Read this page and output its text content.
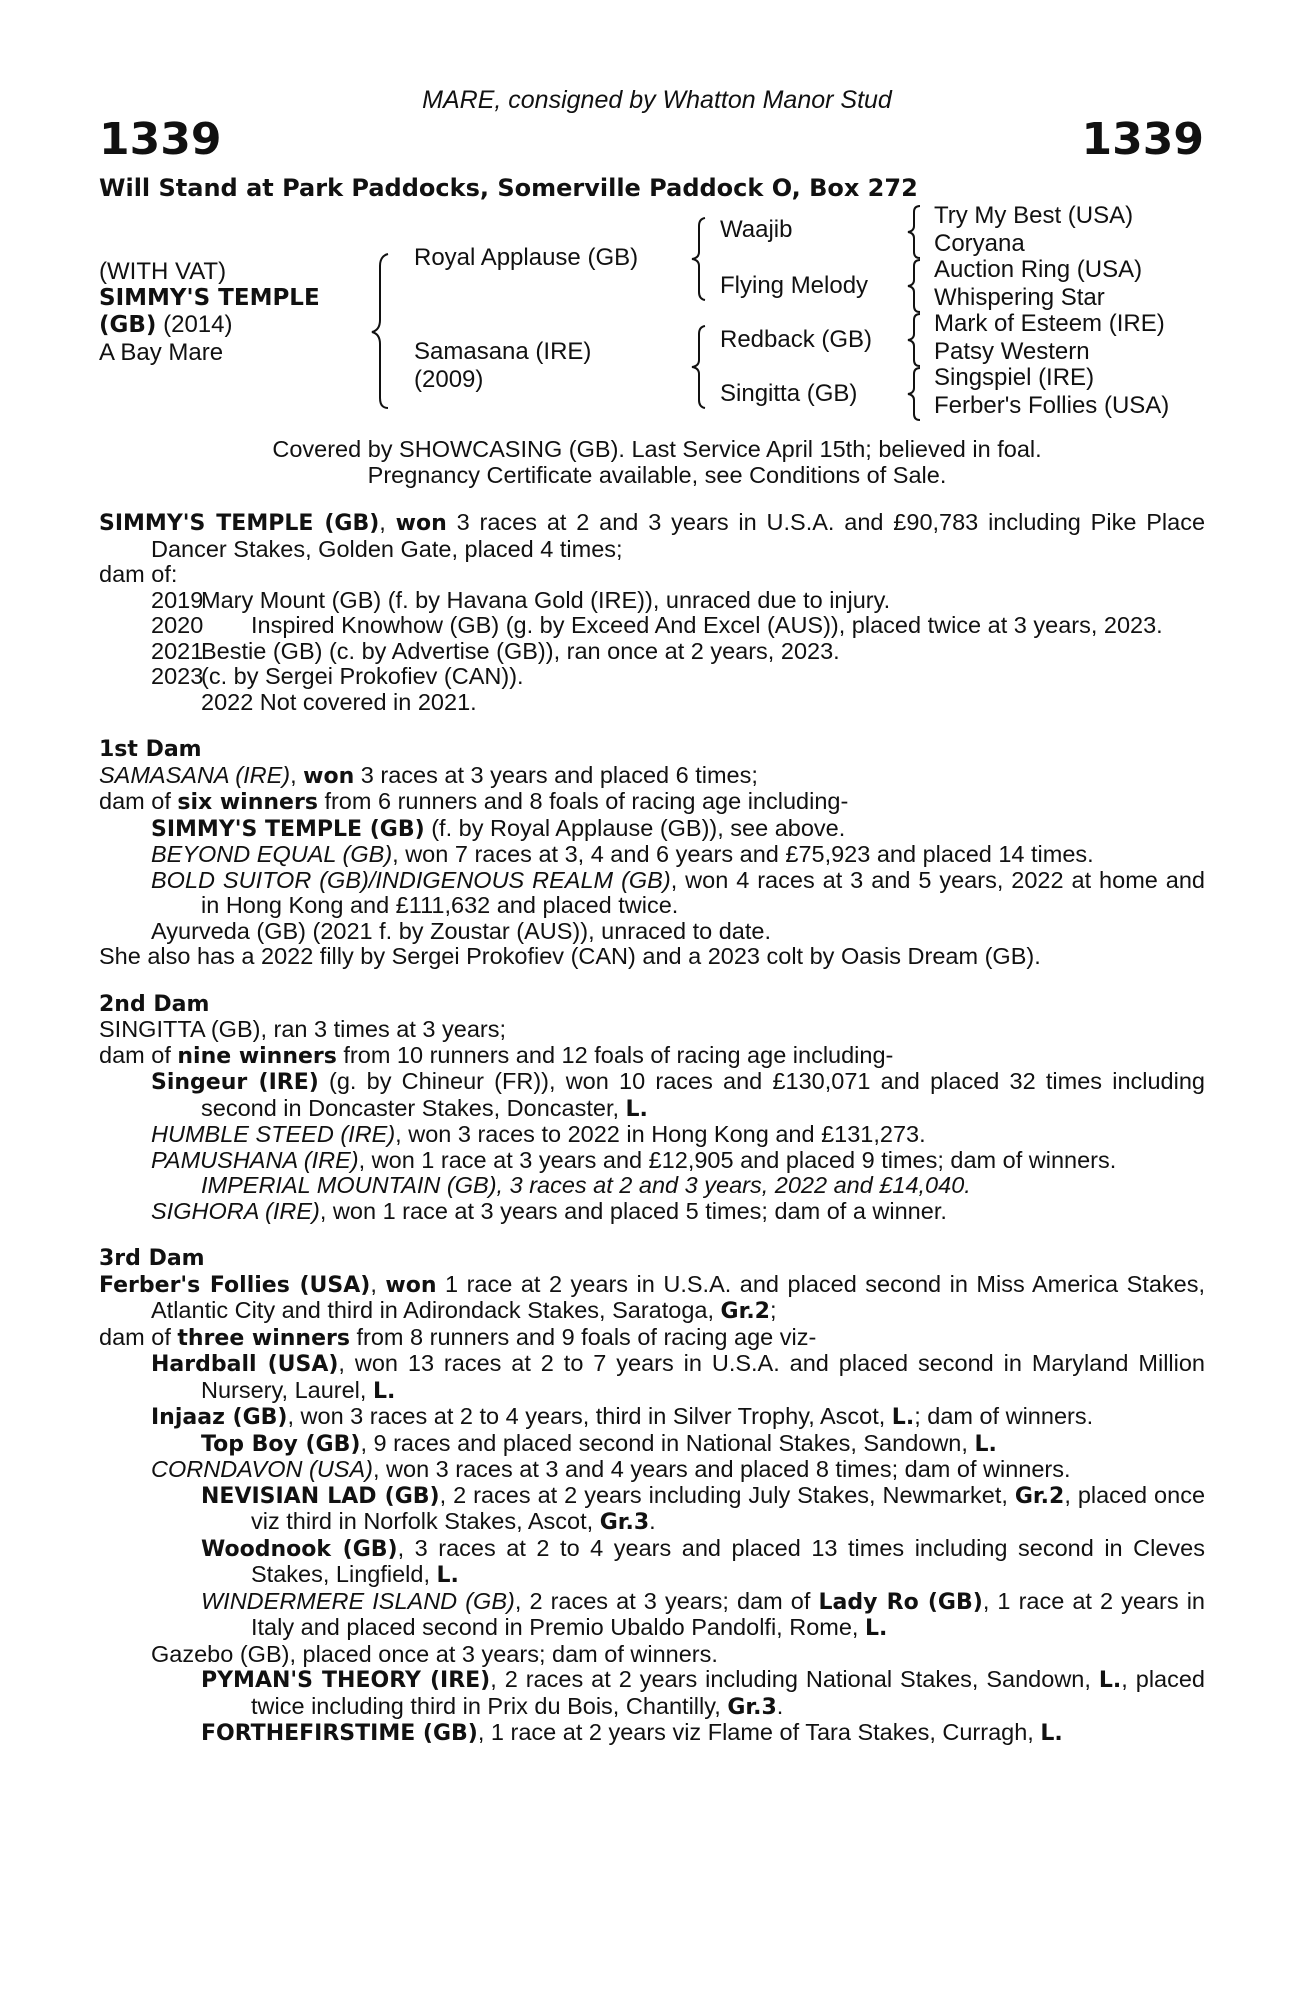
MARE, consigned by Whatton Manor Stud
1339	1339
Will Stand at Park Paddocks, Somerville Paddock O, Box 272
(WITH VAT)
SIMMY'S TEMPLE
(GB) (2014)
A Bay Mare
Royal Applause (GB)
Samasana (IRE)
(2009)
Waajib
Flying Melody
Redback (GB)
Singitta (GB)
Try My Best (USA)
Coryana
Auction Ring (USA)
Whispering Star
Mark of Esteem (IRE)
Patsy Western
Singspiel (IRE)
Ferber's Follies (USA)
Covered by SHOWCASING (GB). Last Service April 15th; believed in foal.
Pregnancy Certificate available, see Conditions of Sale.

SIMMY'S TEMPLE (GB), won 3 races at 2 and 3 years in U.S.A. and £90,783 including Pike Place Dancer Stakes, Golden Gate, placed 4 times;

dam of:

2019
Mary Mount (GB) (f. by Havana Gold (IRE)), unraced due to injury.
2020 Inspired Knowhow (GB) (g. by Exceed And Excel (AUS)), placed twice at 3 years, 2023.
2021
Bestie (GB) (c. by Advertise (GB)), ran once at 2 years, 2023.
2023
(c. by Sergei Prokofiev (CAN)).
2022 Not covered in 2021.

1st Dam

SAMASANA (IRE), won 3 races at 3 years and placed 6 times;

dam of six winners from 6 runners and 8 foals of racing age including-

SIMMY'S TEMPLE (GB) (f. by Royal Applause (GB)), see above.

BEYOND EQUAL (GB), won 7 races at 3, 4 and 6 years and £75,923 and placed 14 times.

BOLD SUITOR (GB)/INDIGENOUS REALM (GB), won 4 races at 3 and 5 years, 2022 at home and in Hong Kong and £111,632 and placed twice.

Ayurveda (GB) (2021 f. by Zoustar (AUS)), unraced to date.

She also has a 2022 filly by Sergei Prokofiev (CAN) and a 2023 colt by Oasis Dream (GB).

2nd Dam

SINGITTA (GB), ran 3 times at 3 years;

dam of nine winners from 10 runners and 12 foals of racing age including-

Singeur (IRE) (g. by Chineur (FR)), won 10 races and £130,071 and placed 32 times including second in Doncaster Stakes, Doncaster, L.

HUMBLE STEED (IRE), won 3 races to 2022 in Hong Kong and £131,273.

PAMUSHANA (IRE), won 1 race at 3 years and £12,905 and placed 9 times; dam of winners.

IMPERIAL MOUNTAIN (GB), 3 races at 2 and 3 years, 2022 and £14,040.

SIGHORA (IRE), won 1 race at 3 years and placed 5 times; dam of a winner.

3rd Dam

Ferber's Follies (USA), won 1 race at 2 years in U.S.A. and placed second in Miss America Stakes, Atlantic City and third in Adirondack Stakes, Saratoga, Gr.2;

dam of three winners from 8 runners and 9 foals of racing age viz-

Hardball (USA), won 13 races at 2 to 7 years in U.S.A. and placed second in Maryland Million Nursery, Laurel, L.

Injaaz (GB), won 3 races at 2 to 4 years, third in Silver Trophy, Ascot, L.; dam of winners.

Top Boy (GB), 9 races and placed second in National Stakes, Sandown, L.

CORNDAVON (USA), won 3 races at 3 and 4 years and placed 8 times; dam of winners.

NEVISIAN LAD (GB), 2 races at 2 years including July Stakes, Newmarket, Gr.2, placed once viz third in Norfolk Stakes, Ascot, Gr.3.

Woodnook (GB), 3 races at 2 to 4 years and placed 13 times including second in Cleves Stakes, Lingfield, L.

WINDERMERE ISLAND (GB), 2 races at 3 years; dam of Lady Ro (GB), 1 race at 2 years in Italy and placed second in Premio Ubaldo Pandolfi, Rome, L.

Gazebo (GB), placed once at 3 years; dam of winners.

PYMAN'S THEORY (IRE), 2 races at 2 years including National Stakes, Sandown, L., placed twice including third in Prix du Bois, Chantilly, Gr.3.

FORTHEFIRSTIME (GB), 1 race at 2 years viz Flame of Tara Stakes, Curragh, L.
